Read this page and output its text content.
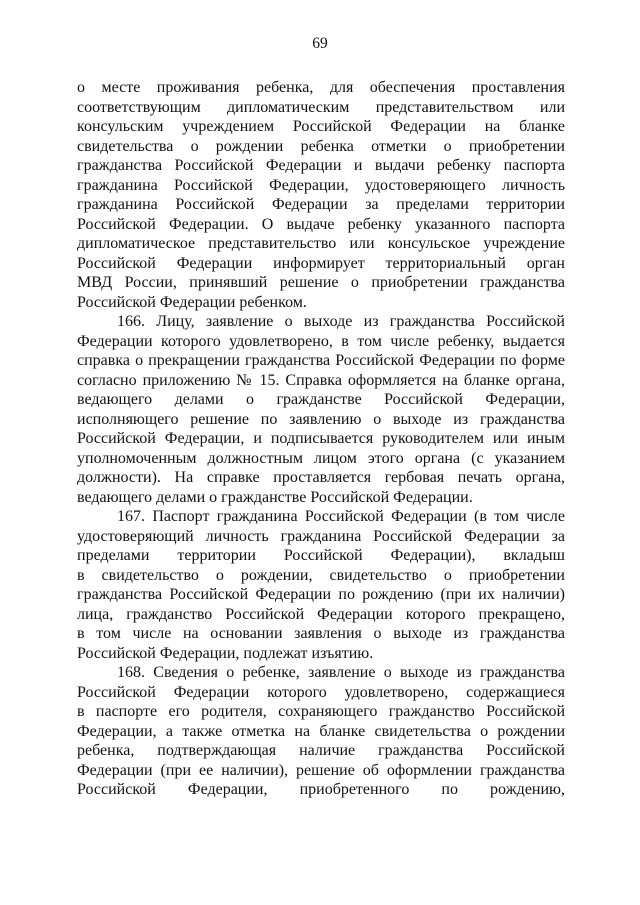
69
о месте проживания ребенка, для обеспечения проставления
соответствующим дипломатическим представительством или
консульским учреждением Российской Федерации на бланке
свидетельства о рождении ребенка отметки о приобретении
гражданства Российской Федерации и выдачи ребенку паспорта
гражданина Российской Федерации, удостоверяющего личность
гражданина Российской Федерации за пределами территории
Российской Федерации. О выдаче ребенку указанного паспорта
дипломатическое представительство или консульское учреждение
Российской Федерации информирует территориальный орган
МВД России, принявший решение о приобретении гражданства
Российской Федерации ребенком.
166. Лицу, заявление о выходе из гражданства Российской
Федерации которого удовлетворено, в том числе ребенку, выдается
справка о прекращении гражданства Российской Федерации по форме
согласно приложению № 15. Справка оформляется на бланке органа,
ведающего делами о гражданстве Российской Федерации,
исполняющего решение по заявлению о выходе из гражданства
Российской Федерации, и подписывается руководителем или иным
уполномоченным должностным лицом этого органа (с указанием
должности). На справке проставляется гербовая печать органа,
ведающего делами о гражданстве Российской Федерации.
167. Паспорт гражданина Российской Федерации (в том числе
удостоверяющий личность гражданина Российской Федерации за
пределами территории Российской Федерации), вкладыш
в свидетельство о рождении, свидетельство о приобретении
гражданства Российской Федерации по рождению (при их наличии)
лица, гражданство Российской Федерации которого прекращено,
в том числе на основании заявления о выходе из гражданства
Российской Федерации, подлежат изъятию.
168. Сведения о ребенке, заявление о выходе из гражданства
Российской Федерации которого удовлетворено, содержащиеся
в паспорте его родителя, сохраняющего гражданство Российской
Федерации, а также отметка на бланке свидетельства о рождении
ребенка, подтверждающая наличие гражданства Российской
Федерации (при ее наличии), решение об оформлении гражданства
Российской Федерации, приобретенного по рождению,
